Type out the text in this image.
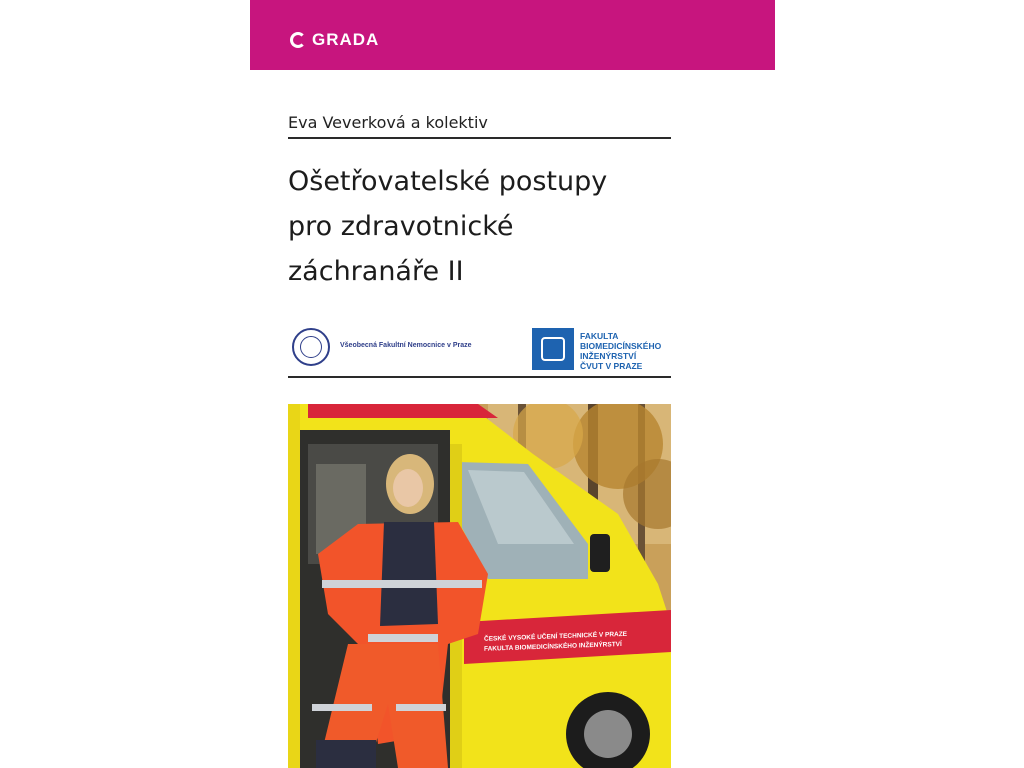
GRADA
Eva Veverková a kolektiv
Ošetřovatelské postupy
pro zdravotnické
záchranáře II
Všeobecná Fakultní Nemocnice v Praze
FAKULTA
BIOMEDICÍNSKÉHO
INŽENÝRSTVÍ
ČVUT V PRAZE
ČESKÉ VYSOKÉ UČENÍ TECHNICKÉ V PRAZE
FAKULTA BIOMEDICÍNSKÉHO INŽENÝRSTVÍ
